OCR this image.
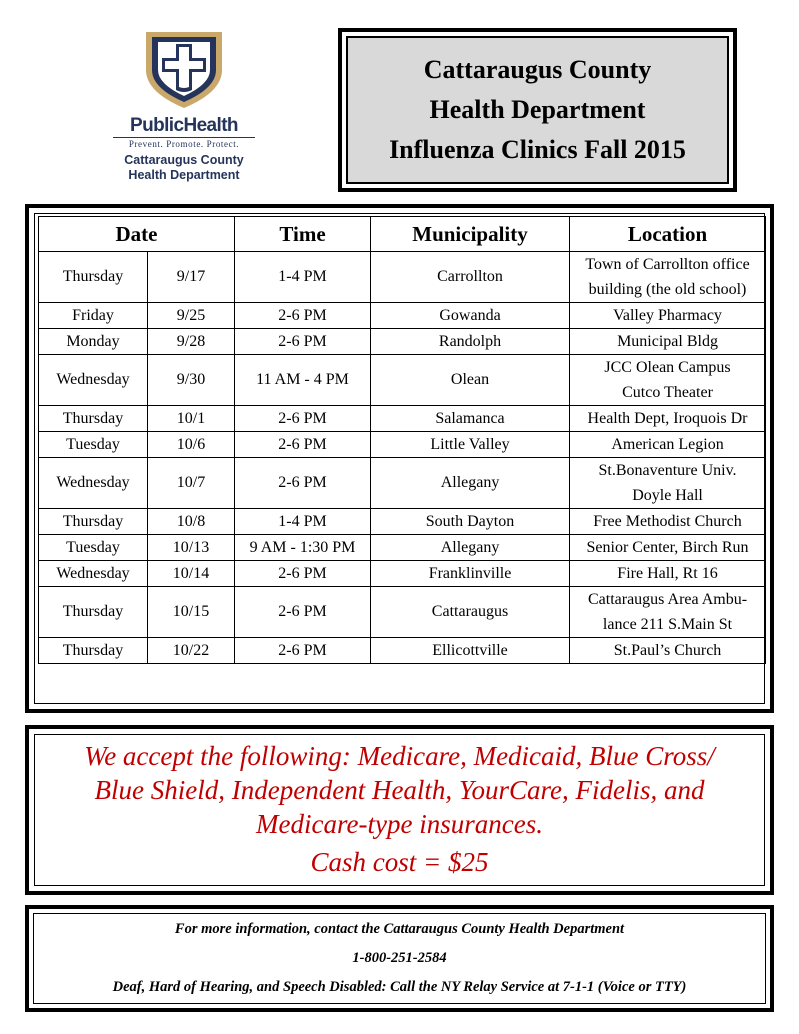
PublicHealth
Prevent. Promote. Protect.
Cattaraugus County
Health Department
Cattaraugus County
Health Department
Influenza Clinics Fall 2015
Date		Time	Municipality	Location
Thursday	9/17	1-4 PM	Carrollton	Town of Carrollton office
building (the old school)

Friday	9/25	2-6 PM	Gowanda	Valley Pharmacy

Monday	9/28	2-6 PM	Randolph	Municipal Bldg

Wednesday	9/30	11 AM - 4 PM	Olean	JCC Olean Campus
Cutco Theater

Thursday	10/1	2-6 PM	Salamanca	Health Dept, Iroquois Dr

Tuesday	10/6	2-6 PM	Little Valley	American Legion

Wednesday	10/7	2-6 PM	Allegany	St.Bonaventure Univ.
Doyle Hall

Thursday	10/8	1-4 PM	South Dayton	Free Methodist Church

Tuesday	10/13	9 AM - 1:30 PM	Allegany	Senior Center, Birch Run

Wednesday	10/14	2-6 PM	Franklinville	Fire Hall, Rt 16

Thursday	10/15	2-6 PM	Cattaraugus	Cattaraugus Area Ambu-
lance 211 S.Main St

Thursday	10/22	2-6 PM	Ellicottville	St.Paul’s Church
We accept the following: Medicare, Medicaid, Blue Cross/
Blue Shield, Independent Health, YourCare, Fidelis, and
Medicare-type insurances.
Cash cost = $25
For more information, contact the Cattaraugus County Health Department
1-800-251-2584
Deaf, Hard of Hearing, and Speech Disabled: Call the NY Relay Service at 7-1-1 (Voice or TTY)
